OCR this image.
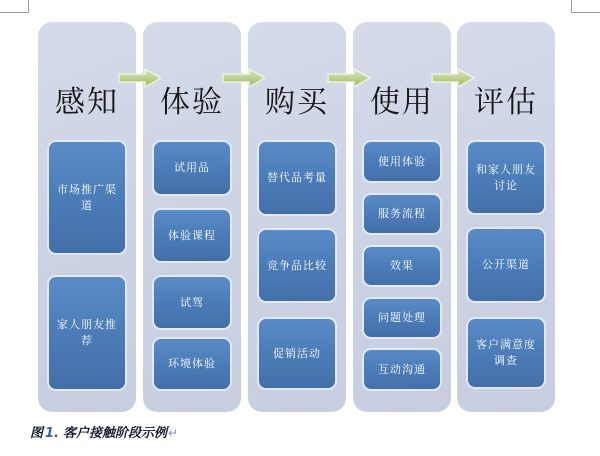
感知
市场推广渠道
家人朋友推荐
体验
试用品
体验课程
试驾
环境体验
购买
替代品考量
竞争品比较
促销活动
使用
使用体验
服务流程
效果
问题处理
互动沟通
评估
和家人朋友讨论
公开渠道
客户满意度调查
图 1. 客户接触阶段示例↵
